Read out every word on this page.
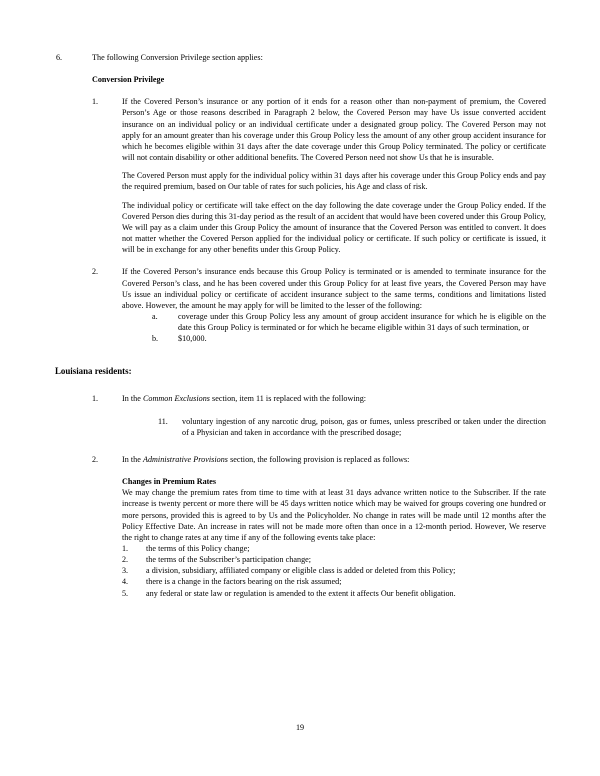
6.	The following Conversion Privilege section applies:

Conversion Privilege

1.	If the Covered Person’s insurance or any portion of it ends for a reason other than non-payment of premium, the Covered Person’s Age or those reasons described in Paragraph 2 below, the Covered Person may have Us issue converted accident insurance on an individual policy or an individual certificate under a designated group policy. The Covered Person may not apply for an amount greater than his coverage under this Group Policy less the amount of any other group accident insurance for which he becomes eligible within 31 days after the date coverage under this Group Policy terminated. The policy or certificate will not contain disability or other additional benefits. The Covered Person need not show Us that he is insurable.

The Covered Person must apply for the individual policy within 31 days after his coverage under this Group Policy ends and pay the required premium, based on Our table of rates for such policies, his Age and class of risk.

The individual policy or certificate will take effect on the day following the date coverage under the Group Policy ended. If the Covered Person dies during this 31-day period as the result of an accident that would have been covered under this Group Policy, We will pay as a claim under this Group Policy the amount of insurance that the Covered Person was entitled to convert. It does not matter whether the Covered Person applied for the individual policy or certificate. If such policy or certificate is issued, it will be in exchange for any other benefits under this Group Policy.

2.	If the Covered Person’s insurance ends because this Group Policy is terminated or is amended to terminate insurance for the Covered Person’s class, and he has been covered under this Group Policy for at least five years, the Covered Person may have Us issue an individual policy or certificate of accident insurance subject to the same terms, conditions and limitations listed above. However, the amount he may apply for will be limited to the lesser of the following:

a.	coverage under this Group Policy less any amount of group accident insurance for which he is eligible on the date this Group Policy is terminated or for which he became eligible within 31 days of such termination, or

b.	$10,000.

Louisiana residents:

1.	In the Common Exclusions section, item 11 is replaced with the following:

11.	voluntary ingestion of any narcotic drug, poison, gas or fumes, unless prescribed or taken under the direction of a Physician and taken in accordance with the prescribed dosage;

2.	In the Administrative Provisions section, the following provision is replaced as follows:

Changes in Premium Rates

We may change the premium rates from time to time with at least 31 days advance written notice to the Subscriber. If the rate increase is twenty percent or more there will be 45 days written notice which may be waived for groups covering one hundred or more persons, provided this is agreed to by Us and the Policyholder. No change in rates will be made until 12 months after the Policy Effective Date. An increase in rates will not be made more often than once in a 12-month period. However, We reserve the right to change rates at any time if any of the following events take place:

1.	the terms of this Policy change;

2.	the terms of the Subscriber’s participation change;

3.	a division, subsidiary, affiliated company or eligible class is added or deleted from this Policy;

4.	there is a change in the factors bearing on the risk assumed;

5.	any federal or state law or regulation is amended to the extent it affects Our benefit obligation.

19
